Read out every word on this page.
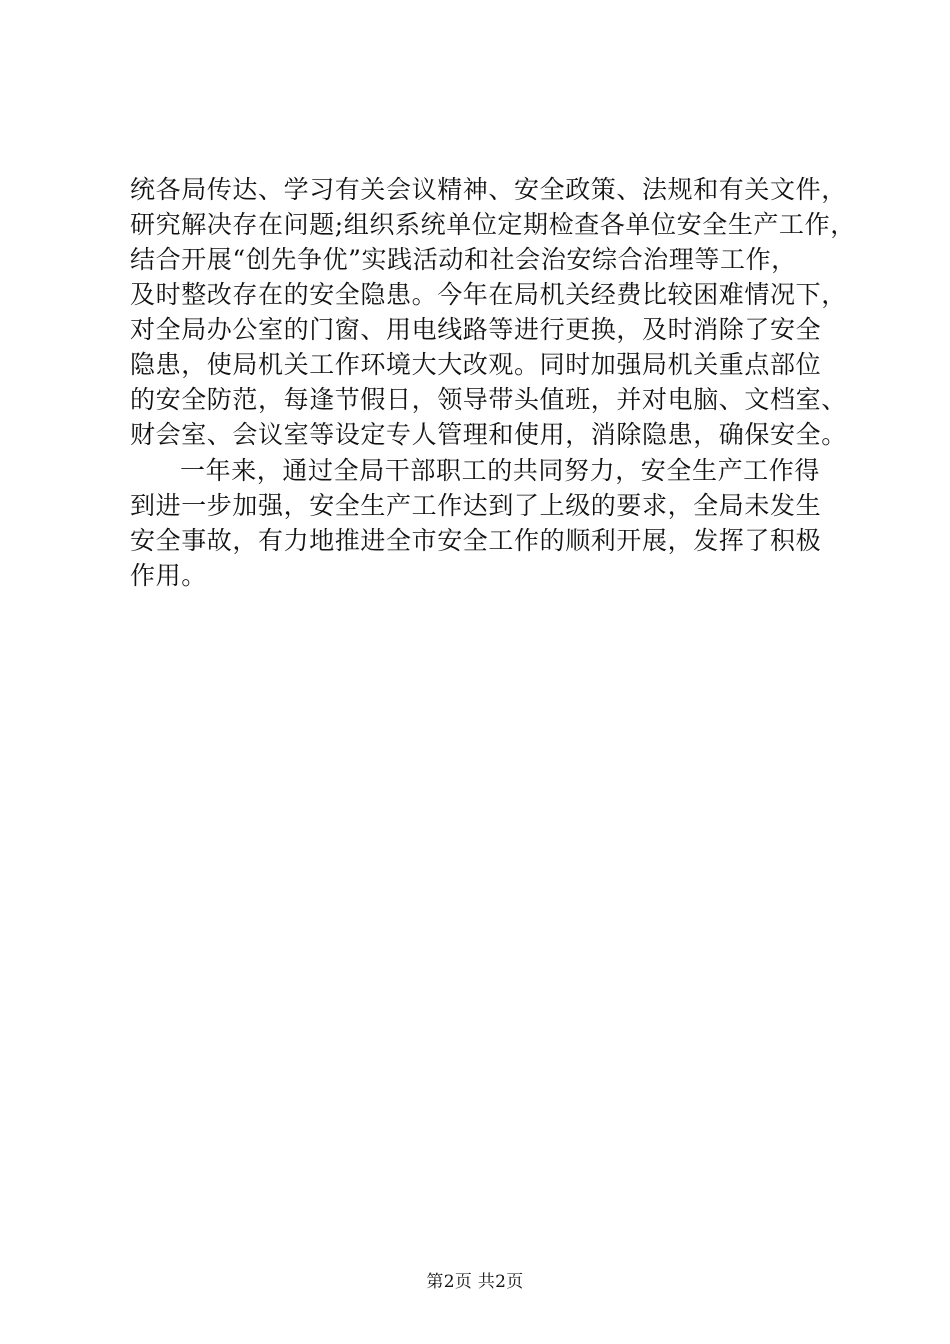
统各局传达、学习有关会议精神、安全政策、法规和有关文件，
研究解决存在问题;组织系统单位定期检查各单位安全生产工作，
结合开展“创先争优”实践活动和社会治安综合治理等工作，
及时整改存在的安全隐患。今年在局机关经费比较困难情况下，
对全局办公室的门窗、用电线路等进行更换，及时消除了安全
隐患，使局机关工作环境大大改观。同时加强局机关重点部位
的安全防范，每逢节假日，领导带头值班，并对电脑、文档室、
财会室、会议室等设定专人管理和使用，消除隐患，确保安全。
一年来，通过全局干部职工的共同努力，安全生产工作得
到进一步加强，安全生产工作达到了上级的要求，全局未发生
安全事故，有力地推进全市安全工作的顺利开展，发挥了积极
作用。
第2页 共2页
